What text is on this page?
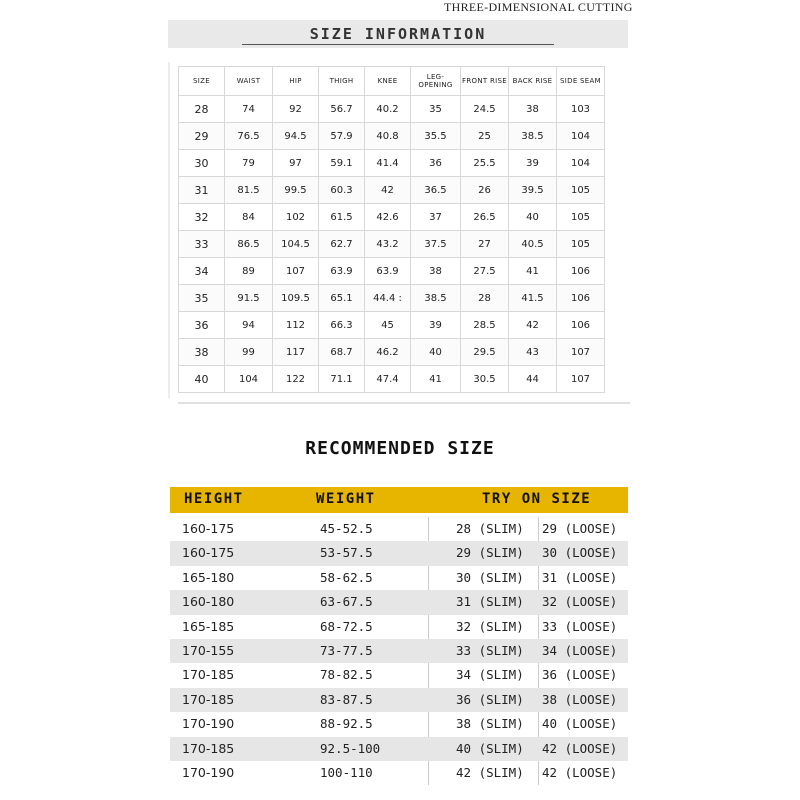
THREE-DIMENSIONAL CUTTING
SIZE INFORMATION
SIZE	WAIST	HIP	THIGH	KNEE	LEG-OPENING	FRONT RISE	BACK RISE	SIDE SEAM
28	74	92	56.7	40.2	35	24.5	38	103
29	76.5	94.5	57.9	40.8	35.5	25	38.5	104
30	79	97	59.1	41.4	36	25.5	39	104
31	81.5	99.5	60.3	42	36.5	26	39.5	105
32	84	102	61.5	42.6	37	26.5	40	105
33	86.5	104.5	62.7	43.2	37.5	27	40.5	105
34	89	107	63.9	63.9	38	27.5	41	106
35	91.5	109.5	65.1	44.4 :	38.5	28	41.5	106
36	94	112	66.3	45	39	28.5	42	106
38	99	117	68.7	46.2	40	29.5	43	107
40	104	122	71.1	47.4	41	30.5	44	107
RECOMMENDED SIZE
HEIGHT	WEIGHT	TRY ON SIZE
160-175	45-52.5	28 (SLIM) 29 (LOOSE)
160-175	53-57.5	29 (SLIM) 30 (LOOSE)
165-180	58-62.5	30 (SLIM) 31 (LOOSE)
160-180	63-67.5	31 (SLIM) 32 (LOOSE)
165-185	68-72.5	32 (SLIM) 33 (LOOSE)
170-155	73-77.5	33 (SLIM) 34 (LOOSE)
170-185	78-82.5	34 (SLIM) 36 (LOOSE)
170-185	83-87.5	36 (SLIM) 38 (LOOSE)
170-190	88-92.5	38 (SLIM) 40 (LOOSE)
170-185	92.5-100	40 (SLIM) 42 (LOOSE)
170-190	100-110	42 (SLIM) 42 (LOOSE)
